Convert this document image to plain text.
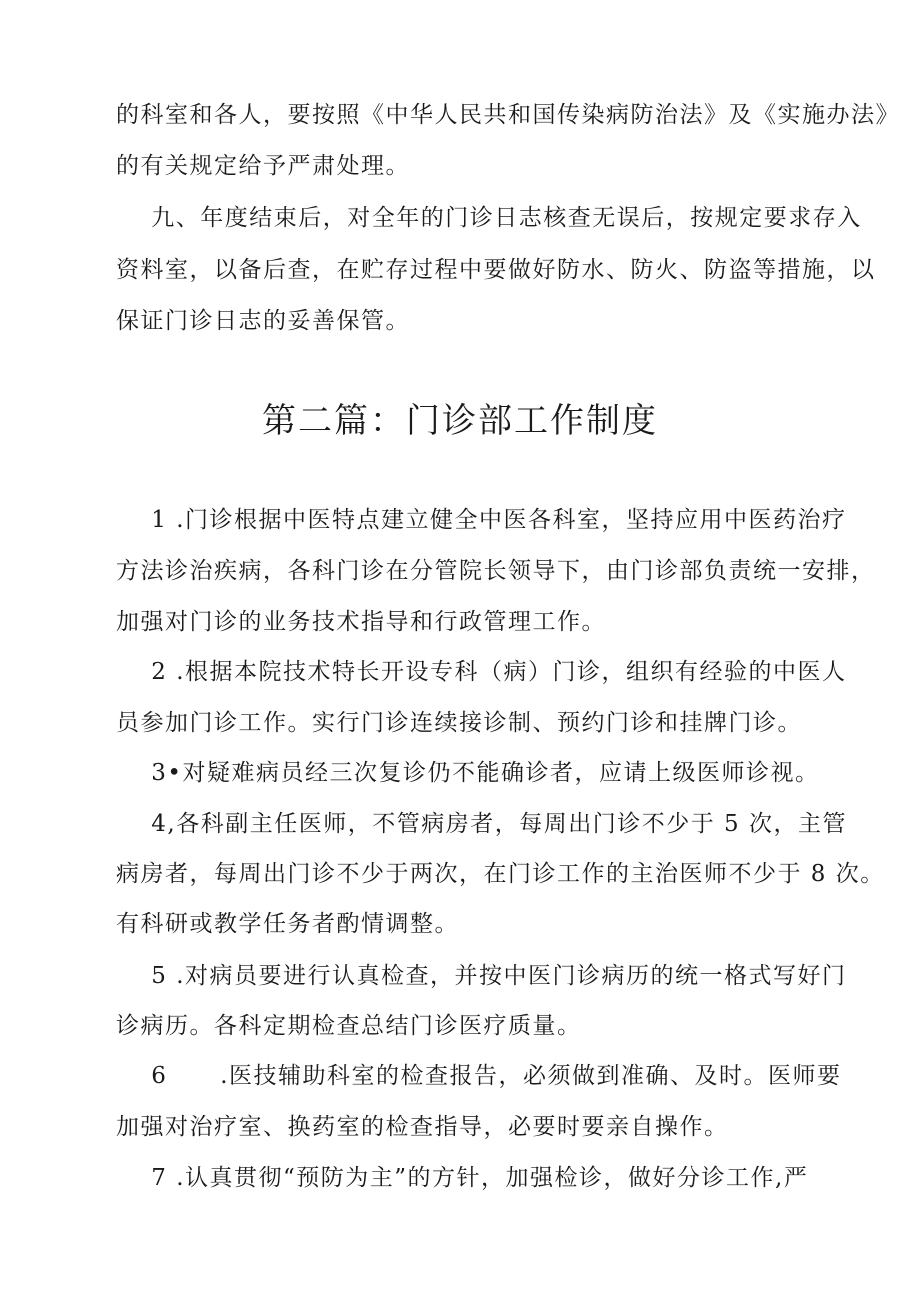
的科室和各人，要按照《中华人民共和国传染病防治法》及《实施办法》
的有关规定给予严肃处理。
九、年度结束后，对全年的门诊日志核查无误后，按规定要求存入
资料室，以备后查，在贮存过程中要做好防水、防火、防盗等措施，以
保证门诊日志的妥善保管。
第二篇：门诊部工作制度
1 .门诊根据中医特点建立健全中医各科室，坚持应用中医药治疗
方法诊治疾病，各科门诊在分管院长领导下，由门诊部负责统一安排，
加强对门诊的业务技术指导和行政管理工作。
2 .根据本院技术特长开设专科（病）门诊，组织有经验的中医人
员参加门诊工作。实行门诊连续接诊制、预约门诊和挂牌门诊。
3•对疑难病员经三次复诊仍不能确诊者，应请上级医师诊视。
4,各科副主任医师，不管病房者，每周出门诊不少于 5 次，主管
病房者，每周出门诊不少于两次，在门诊工作的主治医师不少于 8 次。
有科研或教学任务者酌情调整。
5 .对病员要进行认真检查，并按中医门诊病历的统一格式写好门
诊病历。各科定期检查总结门诊医疗质量。
6      .医技辅助科室的检查报告，必须做到准确、及时。医师要
加强对治疗室、换药室的检查指导，必要时要亲自操作。
7 .认真贯彻“预防为主”的方针，加强检诊，做好分诊工作,严
